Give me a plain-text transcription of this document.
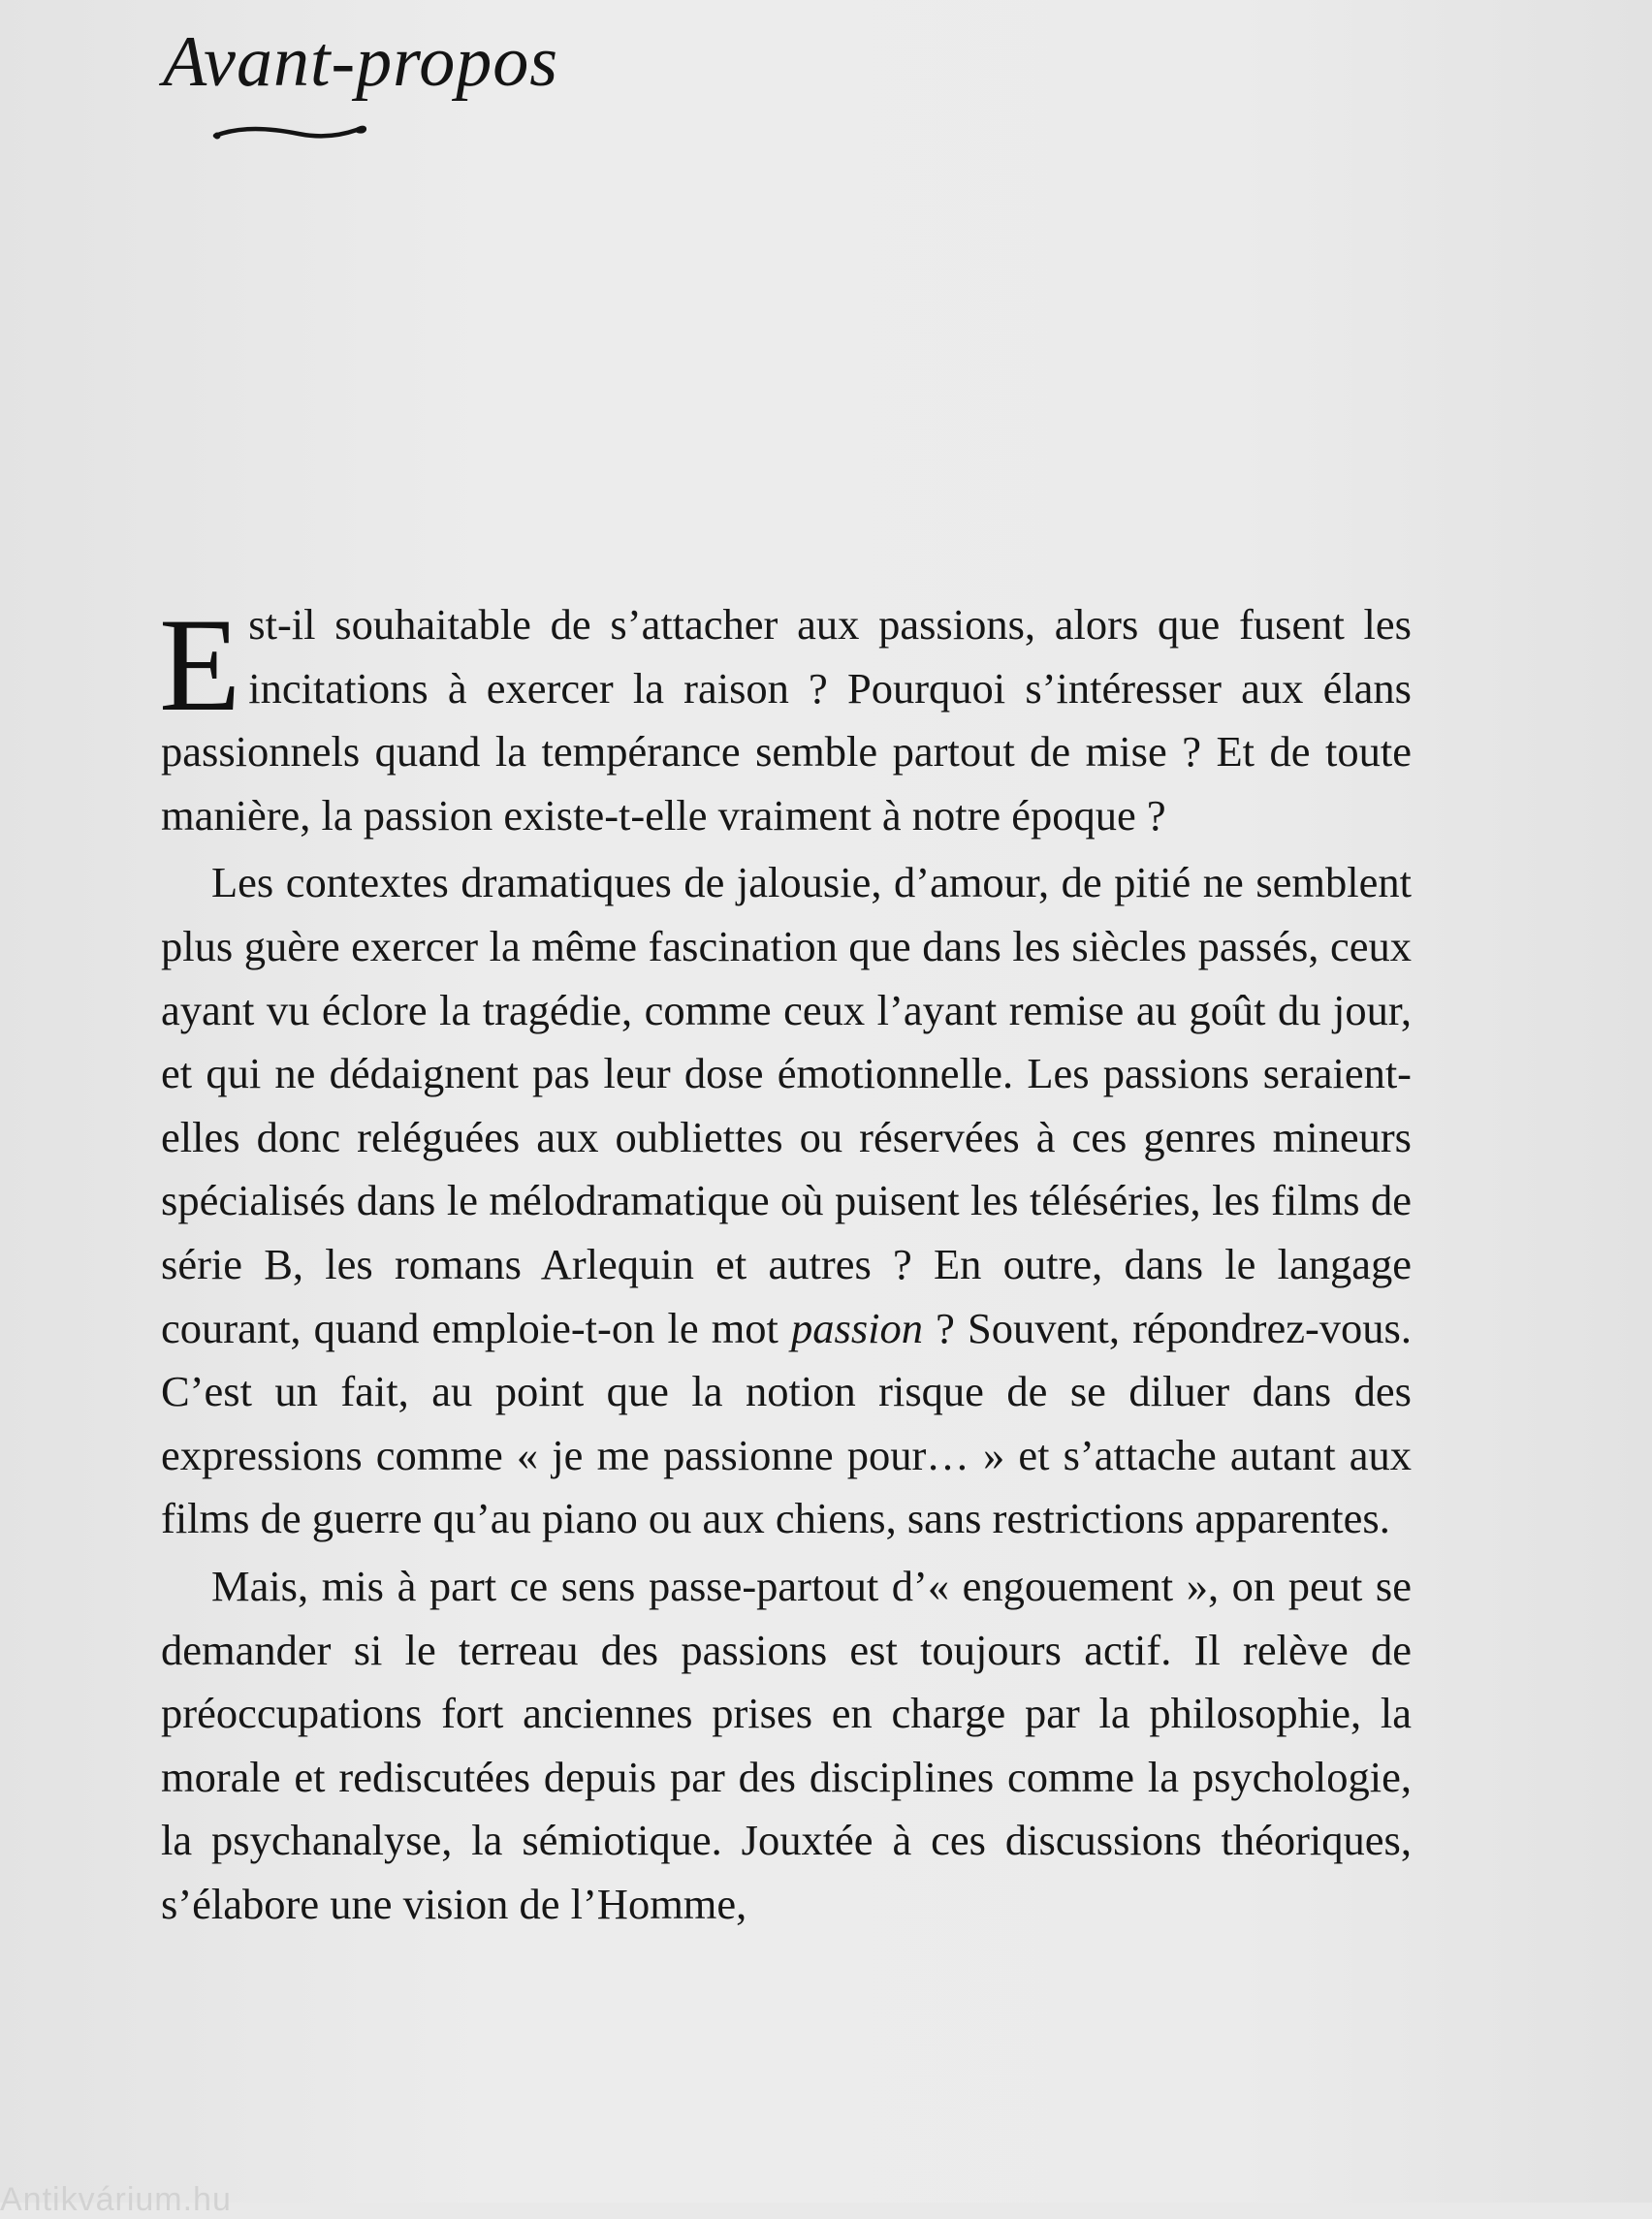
Avant-propos

Est-il souhaitable de s’attacher aux passions, alors que fusent les incitations à exercer la raison ? Pourquoi s’intéresser aux élans passionnels quand la tempérance semble partout de mise ? Et de toute manière, la passion existe-t-elle vraiment à notre époque ?

Les contextes dramatiques de jalousie, d’amour, de pitié ne semblent plus guère exercer la même fascination que dans les siècles passés, ceux ayant vu éclore la tragédie, comme ceux l’ayant remise au goût du jour, et qui ne dédaignent pas leur dose émotionnelle. Les passions seraient-elles donc reléguées aux oubliettes ou réservées à ces genres mineurs spécialisés dans le mélodramatique où puisent les téléséries, les films de série B, les romans Arlequin et autres ? En outre, dans le langage courant, quand emploie-t-on le mot passion ? Souvent, répondrez-vous. C’est un fait, au point que la notion risque de se diluer dans des expressions comme « je me passionne pour… » et s’attache autant aux films de guerre qu’au piano ou aux chiens, sans restrictions apparentes.

Mais, mis à part ce sens passe-partout d’« engouement », on peut se demander si le terreau des passions est toujours actif. Il relève de préoccupations fort anciennes prises en charge par la philosophie, la morale et rediscutées depuis par des disciplines comme la psychologie, la psychanalyse, la sémiotique. Jouxtée à ces discussions théoriques, s’élabore une vision de l’Homme,

Antikvárium.hu
